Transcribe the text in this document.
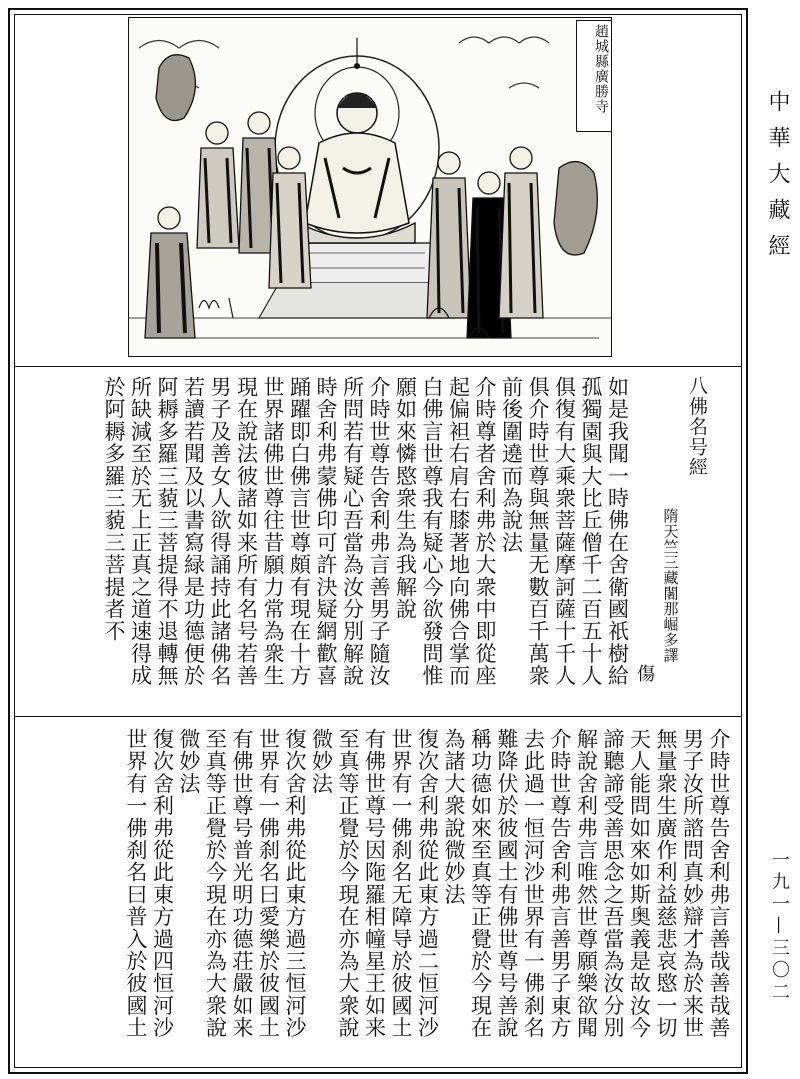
趙城縣廣勝寺
中華大藏經
一九一—三〇二
八佛名号經
隋天竺三藏闍那崛多譯
傷
如是我聞一時佛在舍衛國祇樹給
孤獨園與大比丘僧千二百五十人
俱復有大乘衆菩薩摩訶薩十千人
俱介時世尊與無量无數百千萬衆
前後圍遶而為說法
介時尊者舍利弗於大衆中即從座
起偏袒右肩右膝著地向佛合掌而
白佛言世尊我有疑心今欲發問惟
願如來憐愍衆生為我解說
介時世尊告舍利弗言善男子隨汝
所問若有疑心吾當為汝分別解說
時舍利弗蒙佛印可許決疑網歡喜
踊躍即白佛言世尊頗有現在十方
世界諸佛世尊往昔願力常為衆生
現在說法彼諸如来所有名号若善
男子及善女人欲得誦持此諸佛名
若讀若聞及以書寫緑是功德便於
阿耨多羅三藐三菩提得不退轉無
所缺減至於无上正真之道速得成
於阿耨多羅三藐三菩提者不
介時世尊告舍利弗言善哉善哉善
男子汝所諮問真妙辯才為於来世
無量衆生廣作利益慈悲哀愍一切
天人能問如來如斯奥義是故汝今
諦聽諦受善思念之吾當為汝分別
解說舍利弗言唯然世尊願樂欲聞
介時世尊告舍利弗言善男子東方
去此過一恒河沙世界有一佛刹名
難降伏於彼國土有佛世尊号善說
稱功德如來至真等正覺於今現在
為諸大衆說微妙法
復次舍利弗從此東方過二恒河沙
世界有一佛刹名无障导於彼國土
有佛世尊号因陁羅相幢星王如来
至真等正覺於今現在亦為大衆說
微妙法
復次舍利弗從此東方過三恒河沙
世界有一佛刹名曰愛樂於彼國土
有佛世尊号普光明功德荘嚴如来
至真等正覺於今現在亦為大衆說
微妙法
復次舍利弗從此東方過四恒河沙
世界有一佛刹名曰普入於彼國土
